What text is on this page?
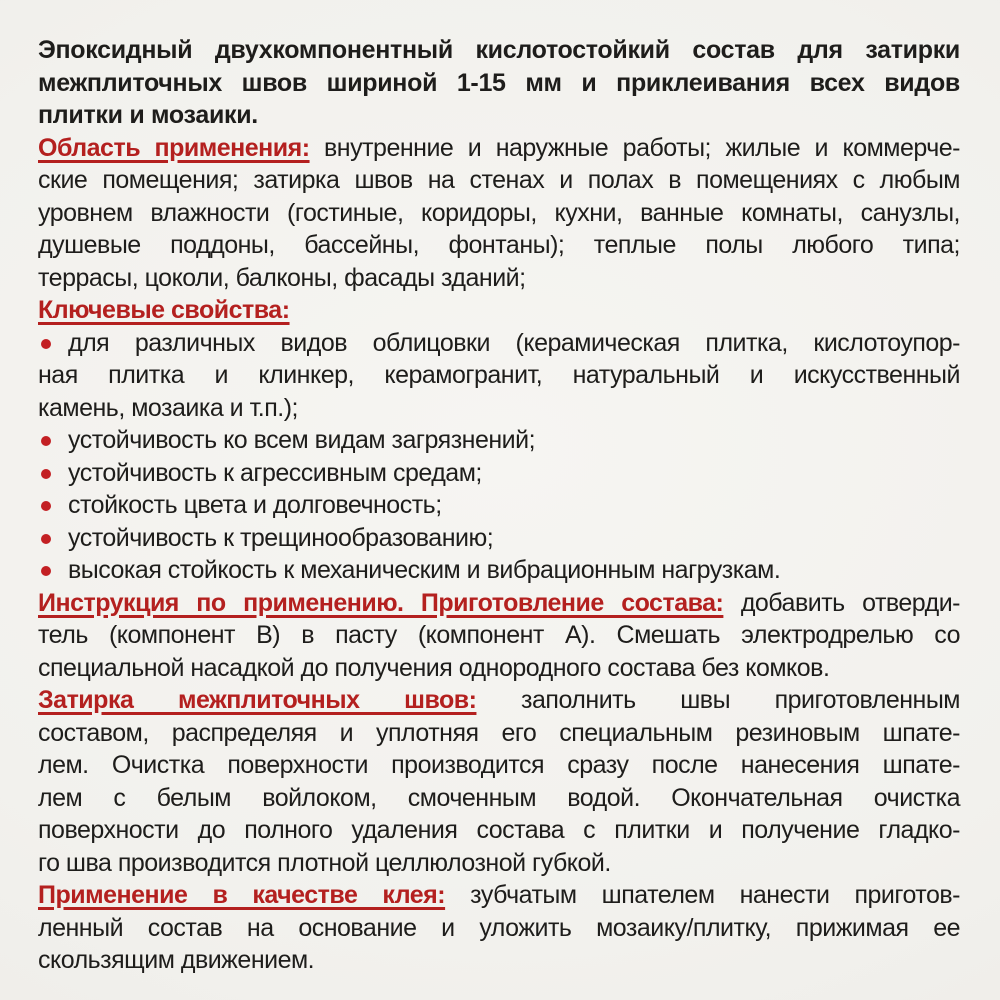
Эпоксидный двухкомпонентный кислотостойкий состав для затирки
межплиточных швов шириной 1-15 мм и приклеивания всех видов
плитки и мозаики.
Область применения: внутренние и наружные работы; жилые и коммерче-
ские помещения; затирка швов на стенах и полах в помещениях с любым
уровнем влажности (гостиные, коридоры, кухни, ванные комнаты, санузлы,
душевые поддоны, бассейны, фонтаны); теплые полы любого типа;
террасы, цоколи, балконы, фасады зданий;
Ключевые свойства:
для различных видов облицовки (керамическая плитка, кислотоупор-
ная плитка и клинкер, керамогранит, натуральный и искусственный
камень, мозаика и т.п.);
устойчивость ко всем видам загрязнений;
устойчивость к агрессивным средам;
стойкость цвета и долговечность;
устойчивость к трещинообразованию;
высокая стойкость к механическим и вибрационным нагрузкам.
Инструкция по применению. Приготовление состава: добавить отверди-
тель (компонент В) в пасту (компонент А). Смешать электродрелью со
специальной насадкой до получения однородного состава без комков.
Затирка межплиточных швов: заполнить швы приготовленным
составом, распределяя и уплотняя его специальным резиновым шпате-
лем. Очистка поверхности производится сразу после нанесения шпате-
лем с белым войлоком, смоченным водой. Окончательная очистка
поверхности до полного удаления состава с плитки и получение гладко-
го шва производится плотной целлюлозной губкой.
Применение в качестве клея: зубчатым шпателем нанести приготов-
ленный состав на основание и уложить мозаику/плитку, прижимая ее
скользящим движением.
